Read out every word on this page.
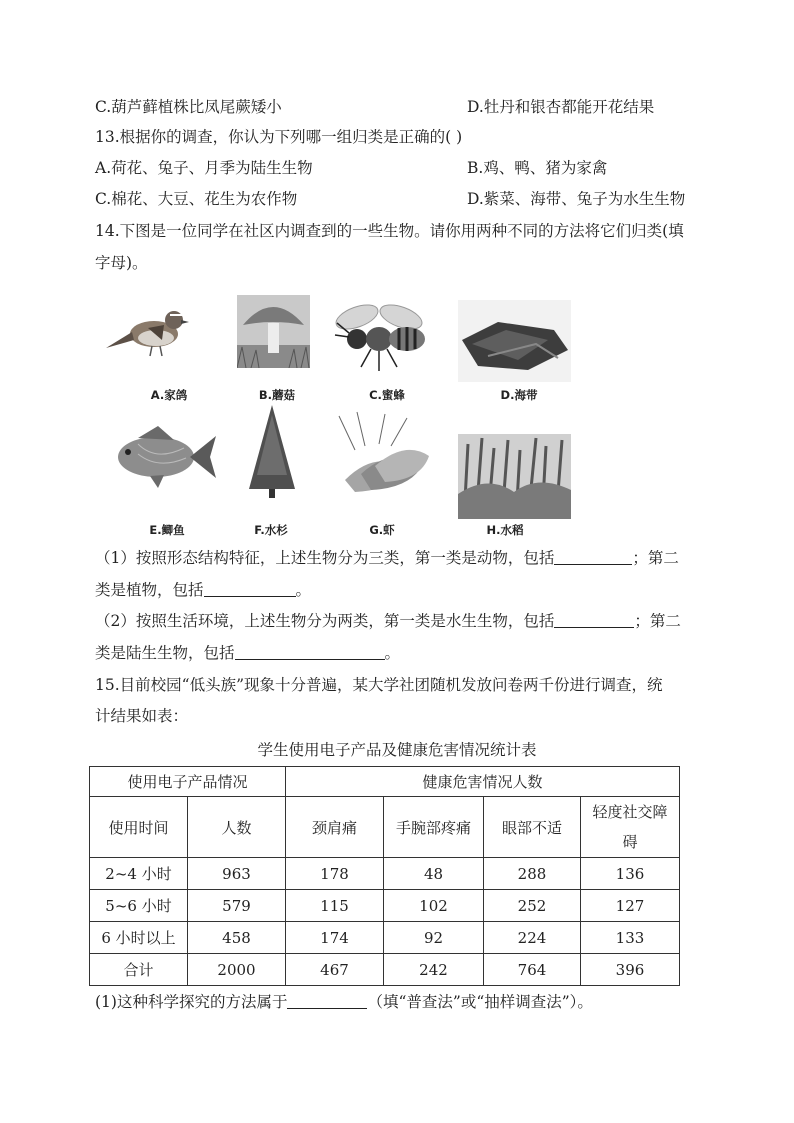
C.葫芦藓植株比凤尾蕨矮小	D.牡丹和银杏都能开花结果
13.根据你的调查，你认为下列哪一组归类是正确的( )
A.荷花、兔子、月季为陆生生物	B.鸡、鸭、猪为家禽
C.棉花、大豆、花生为农作物	D.紫菜、海带、兔子为水生生物
14.下图是一位同学在社区内调查到的一些生物。请你用两种不同的方法将它们归类(填
字母)。
A.家鸽	B.蘑菇	C.蜜蜂	D.海带
E.鲫鱼	F.水杉	G.虾	H.水稻
（1）按照形态结构特征，上述生物分为三类，第一类是动物，包括	；第二
类是植物，包括	。
（2）按照生活环境，上述生物分为两类，第一类是水生生物，包括	；第二
类是陆生生物，包括	。
15.目前校园“低头族”现象十分普遍，某大学社团随机发放问卷两千份进行调查，统
计结果如表：
学生使用电子产品及健康危害情况统计表
使用电子产品情况		健康危害情况人数			
使用时间	人数	颈肩痛	手腕部疼痛	眼部不适	轻度社交障
碍
2~4 小时	963	178	48	288	136
5~6 小时	579	115	102	252	127
6 小时以上	458	174	92	224	133
合计	2000	467	242	764	396
(1)这种科学探究的方法属于	（填“普查法”或“抽样调查法”）。
